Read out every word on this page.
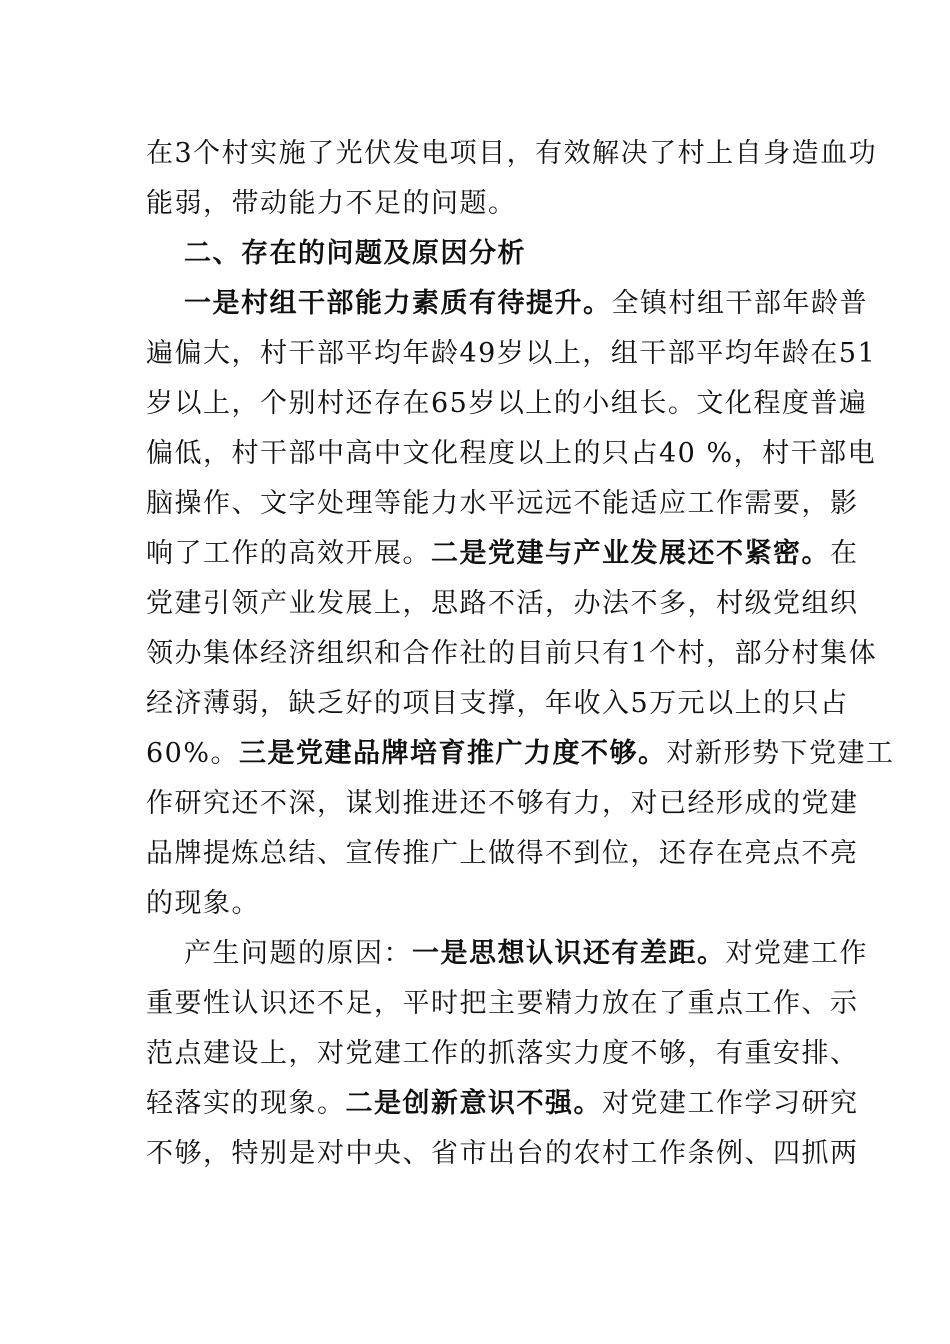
在3个村实施了光伏发电项目，有效解决了村上自身造血功
能弱，带动能力不足的问题。
二、存在的问题及原因分析
一是村组干部能力素质有待提升。全镇村组干部年龄普
遍偏大，村干部平均年龄49岁以上，组干部平均年龄在51
岁以上，个别村还存在65岁以上的小组长。文化程度普遍
偏低，村干部中高中文化程度以上的只占40 %，村干部电
脑操作、文字处理等能力水平远远不能适应工作需要，影
响了工作的高效开展。二是党建与产业发展还不紧密。在
党建引领产业发展上，思路不活，办法不多，村级党组织
领办集体经济组织和合作社的目前只有1个村，部分村集体
经济薄弱，缺乏好的项目支撑，年收入5万元以上的只占
60%。三是党建品牌培育推广力度不够。对新形势下党建工
作研究还不深，谋划推进还不够有力，对已经形成的党建
品牌提炼总结、宣传推广上做得不到位，还存在亮点不亮
的现象。
产生问题的原因：一是思想认识还有差距。对党建工作
重要性认识还不足，平时把主要精力放在了重点工作、示
范点建设上，对党建工作的抓落实力度不够，有重安排、
轻落实的现象。二是创新意识不强。对党建工作学习研究
不够，特别是对中央、省市出台的农村工作条例、四抓两
